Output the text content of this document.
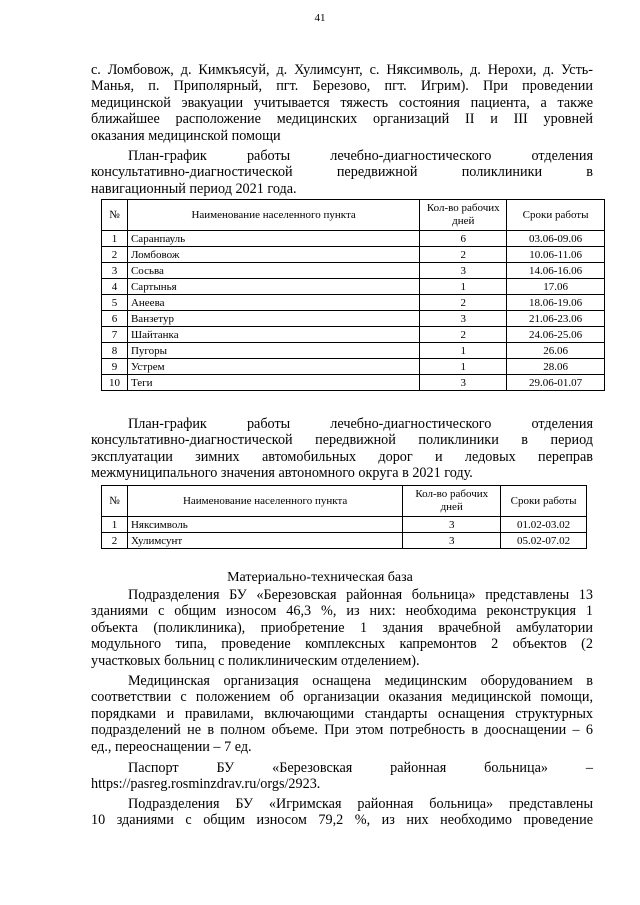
41
с. Ломбовож, д. Кимкъясуй, д. Хулимсунт, с. Няксимволь, д. Нерохи, д. Усть-
Манья, п. Приполярный, пгт. Березово, пгт. Игрим). При проведении
медицинской эвакуации учитывается тяжесть состояния пациента, а также
ближайшее расположение медицинских организаций II и III уровней
оказания медицинской помощи
План-график работы лечебно-диагностического отделения
консультативно-диагностической передвижной поликлиники в
навигационный период 2021 года.
№	Наименование населенного пункта	Кол-во рабочих дней	Сроки работы
1	Саранпауль	6	03.06-09.06
2	Ломбовож	2	10.06-11.06
3	Сосьва	3	14.06-16.06
4	Сартынья	1	17.06
5	Анеева	2	18.06-19.06
6	Ванзетур	3	21.06-23.06
7	Шайтанка	2	24.06-25.06
8	Пугоры	1	26.06
9	Устрем	1	28.06
10	Теги	3	29.06-01.07
План-график работы лечебно-диагностического отделения
консультативно-диагностической передвижной поликлиники в период
эксплуатации зимних автомобильных дорог и ледовых переправ
межмуниципального значения автономного округа в 2021 году.
№	Наименование населенного пункта	Кол-во рабочих дней	Сроки работы
1	Няксимволь	3	01.02-03.02
2	Хулимсунт	3	05.02-07.02
Материально-техническая база
Подразделения БУ «Березовская районная больница» представлены 13
зданиями с общим износом 46,3 %, из них: необходима реконструкция 1
объекта (поликлиника), приобретение 1 здания врачебной амбулатории
модульного типа, проведение комплексных капремонтов 2 объектов (2
участковых больниц с поликлиническим отделением).
Медицинская организация оснащена медицинским оборудованием в
соответствии с положением об организации оказания медицинской помощи,
порядками и правилами, включающими стандарты оснащения структурных
подразделений не в полном объеме. При этом потребность в дооснащении – 6
ед., переоснащении – 7 ед.
Паспорт БУ «Березовская районная больница» –
https://pasreg.rosminzdrav.ru/orgs/2923.
Подразделения БУ «Игримская районная больница» представлены
10 зданиями с общим износом 79,2 %, из них необходимо проведение
